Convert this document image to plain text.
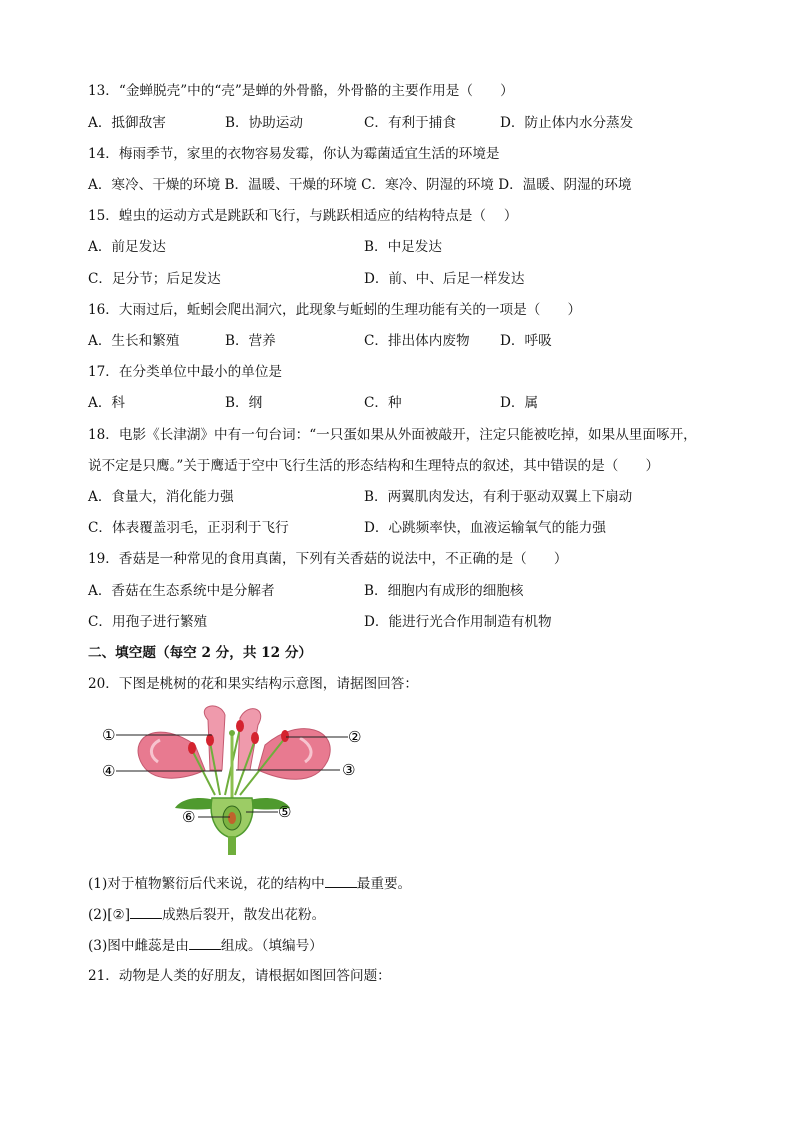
13．“金蝉脱壳”中的“壳”是蝉的外骨骼，外骨骼的主要作用是（　　）
A．抵御敌害	B．协助运动	C．有利于捕食	D．防止体内水分蒸发
14．梅雨季节，家里的衣物容易发霉，你认为霉菌适宜生活的环境是
A．寒冷、干燥的环境 B．温暖、干燥的环境 C．寒冷、阴湿的环境 D．温暖、阴湿的环境
15．蝗虫的运动方式是跳跃和飞行，与跳跃相适应的结构特点是（　 ）
A．前足发达	B．中足发达
C．足分节；后足发达	D．前、中、后足一样发达
16．大雨过后，蚯蚓会爬出洞穴，此现象与蚯蚓的生理功能有关的一项是（　　）
A．生长和繁殖	B．营养	C．排出体内废物 D．呼吸
17．在分类单位中最小的单位是
A．科	B．纲	C．种	D．属
18．电影《长津湖》中有一句台词：“一只蛋如果从外面被敲开，注定只能被吃掉，如果从里面啄开，
说不定是只鹰。”关于鹰适于空中飞行生活的形态结构和生理特点的叙述，其中错误的是（　　）
A．食量大，消化能力强	B．两翼肌肉发达，有利于驱动双翼上下扇动
C．体表覆盖羽毛，正羽利于飞行	D．心跳频率快，血液运输氧气的能力强
19．香菇是一种常见的食用真菌，下列有关香菇的说法中，不正确的是（　　）
A．香菇在生态系统中是分解者	B．细胞内有成形的细胞核
C．用孢子进行繁殖	D．能进行光合作用制造有机物
二、填空题（每空 2 分，共 12 分）
20．下图是桃树的花和果实结构示意图，请据图回答：
①	②
③
④
⑤
⑥
(1)对于植物繁衍后代来说，花的结构中 最重要。
(2)[②] 成熟后裂开，散发出花粉。
(3)图中雌蕊是由 组成。（填编号）
21．动物是人类的好朋友，请根据如图回答问题：
